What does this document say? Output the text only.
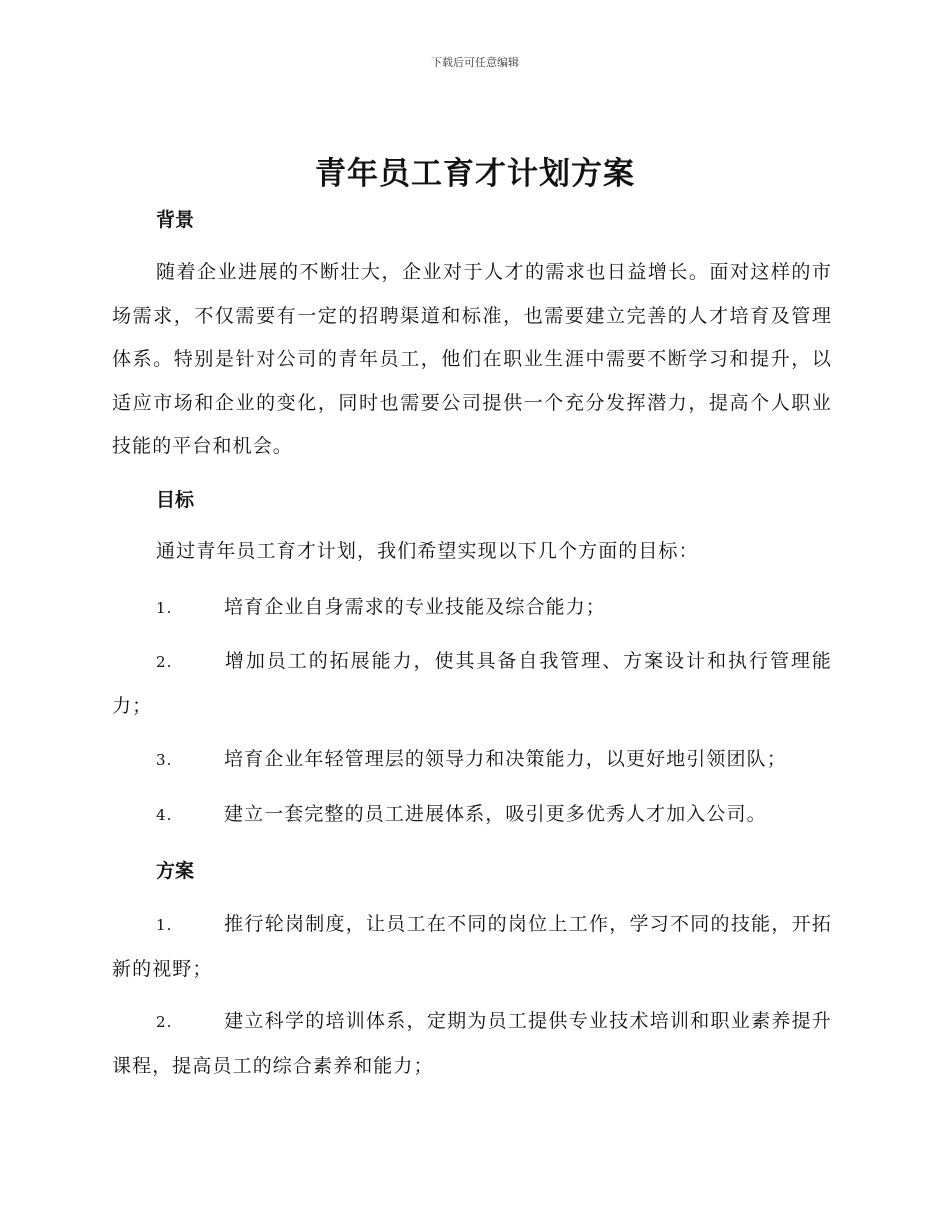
下载后可任意编辑
青年员工育才计划方案
背景

随着企业进展的不断壮大，企业对于人才的需求也日益增长。面对这样的市场需求，不仅需要有一定的招聘渠道和标准，也需要建立完善的人才培育及管理体系。特别是针对公司的青年员工，他们在职业生涯中需要不断学习和提升，以适应市场和企业的变化，同时也需要公司提供一个充分发挥潜力，提高个人职业技能的平台和机会。

目标

通过青年员工育才计划，我们希望实现以下几个方面的目标：

1.	培育企业自身需求的专业技能及综合能力；

2.	增加员工的拓展能力，使其具备自我管理、方案设计和执行管理能力；

3.	培育企业年轻管理层的领导力和决策能力，以更好地引领团队；

4.	建立一套完整的员工进展体系，吸引更多优秀人才加入公司。

方案

1.	推行轮岗制度，让员工在不同的岗位上工作，学习不同的技能，开拓新的视野；

2.	建立科学的培训体系，定期为员工提供专业技术培训和职业素养提升课程，提高员工的综合素养和能力；
